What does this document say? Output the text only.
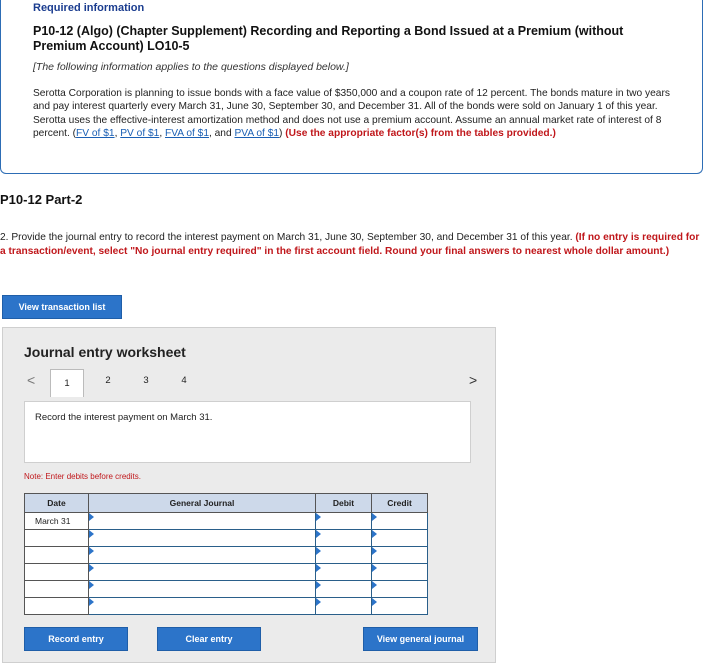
Required information
P10-12 (Algo) (Chapter Supplement) Recording and Reporting a Bond Issued at a Premium (without Premium Account) LO10-5
[The following information applies to the questions displayed below.]
Serotta Corporation is planning to issue bonds with a face value of $350,000 and a coupon rate of 12 percent. The bonds mature in two years and pay interest quarterly every March 31, June 30, September 30, and December 31. All of the bonds were sold on January 1 of this year. Serotta uses the effective-interest amortization method and does not use a premium account. Assume an annual market rate of interest of 8 percent. (FV of $1, PV of $1, FVA of $1, and PVA of $1) (Use the appropriate factor(s) from the tables provided.)
P10-12 Part-2
2. Provide the journal entry to record the interest payment on March 31, June 30, September 30, and December 31 of this year. (If no entry is required for a transaction/event, select "No journal entry required" in the first account field. Round your final answers to nearest whole dollar amount.)
View transaction list
Journal entry worksheet
<	1	2	3	4	>
Record the interest payment on March 31.
Note: Enter debits before credits.
Date	General Journal	Debit	Credit
March 31			

Record entry	Clear entry	View general journal
